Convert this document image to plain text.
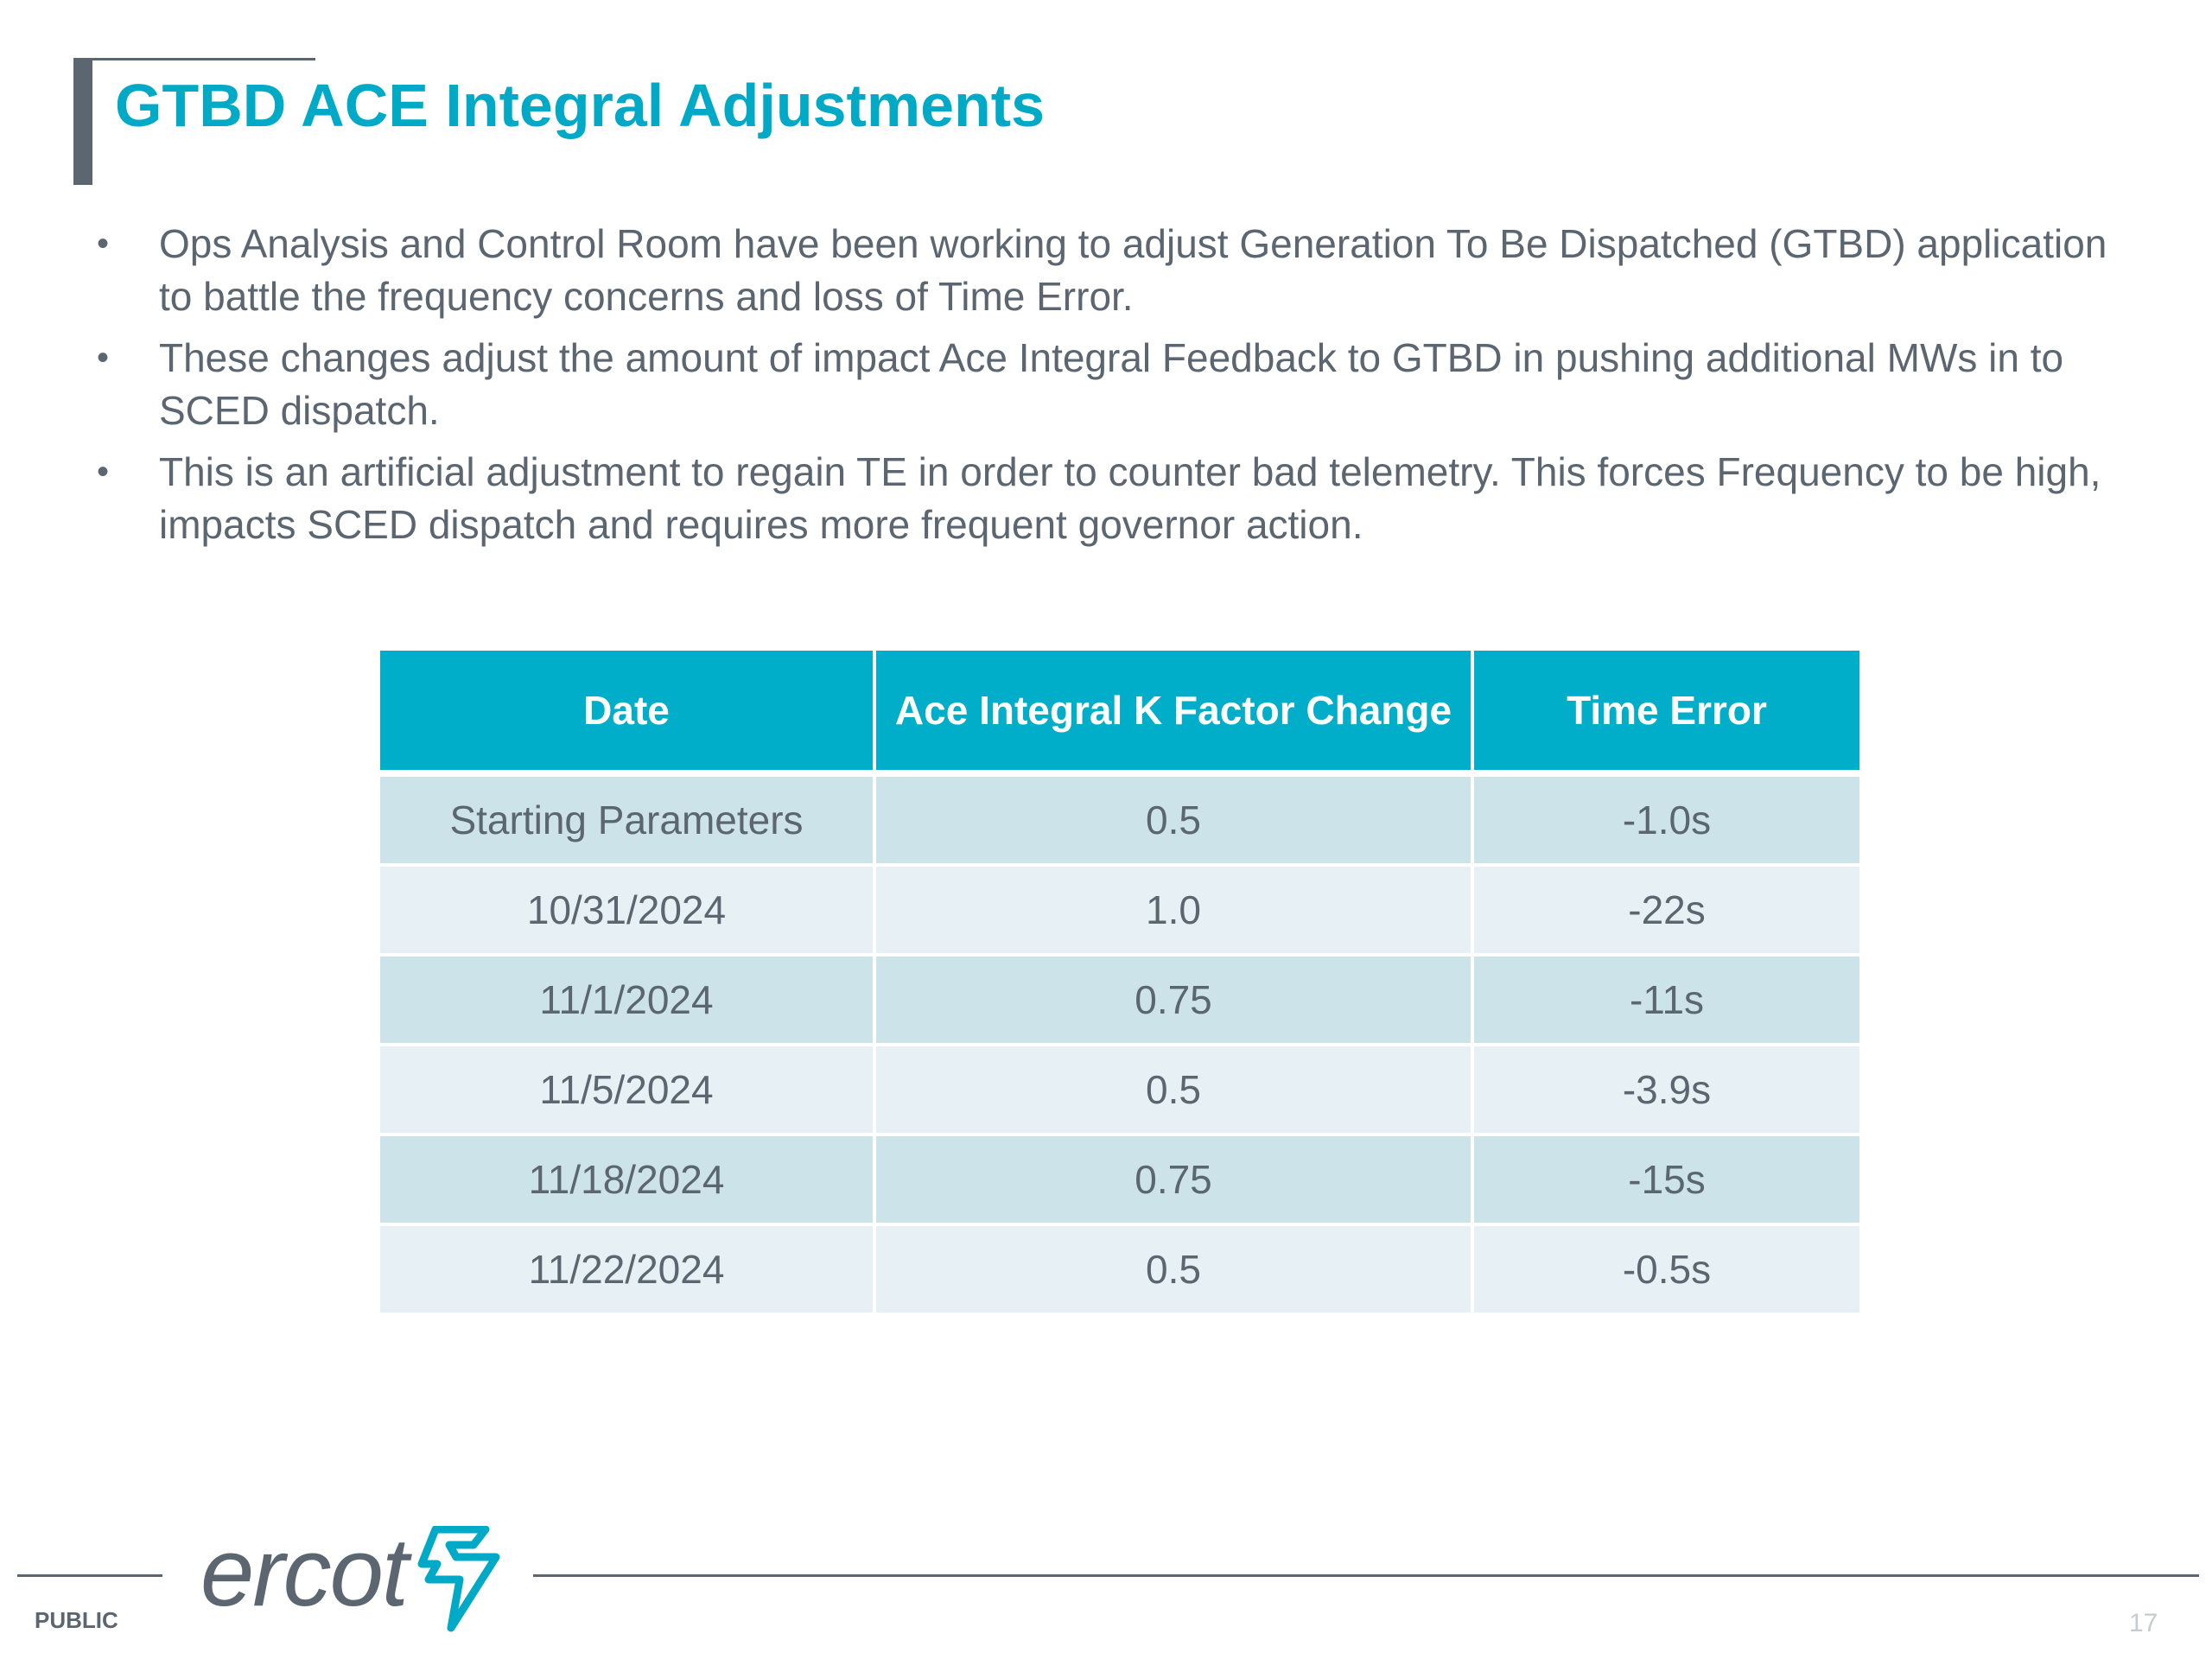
GTBD ACE Integral Adjustments
• Ops Analysis and Control Room have been working to adjust Generation To Be Dispatched (GTBD) application to battle the frequency concerns and loss of Time Error.
• These changes adjust the amount of impact Ace Integral Feedback to GTBD in pushing additional MWs in to SCED dispatch.
• This is an artificial adjustment to regain TE in order to counter bad telemetry. This forces Frequency to be high, impacts SCED dispatch and requires more frequent governor action.
Date	Ace Integral K Factor Change	Time Error
Starting Parameters	0.5	-1.0s
10/31/2024	1.0	-22s
11/1/2024	0.75	-11s
11/5/2024	0.5	-3.9s
11/18/2024	0.75	-15s
11/22/2024	0.5	-0.5s
ercot
PUBLIC	17
